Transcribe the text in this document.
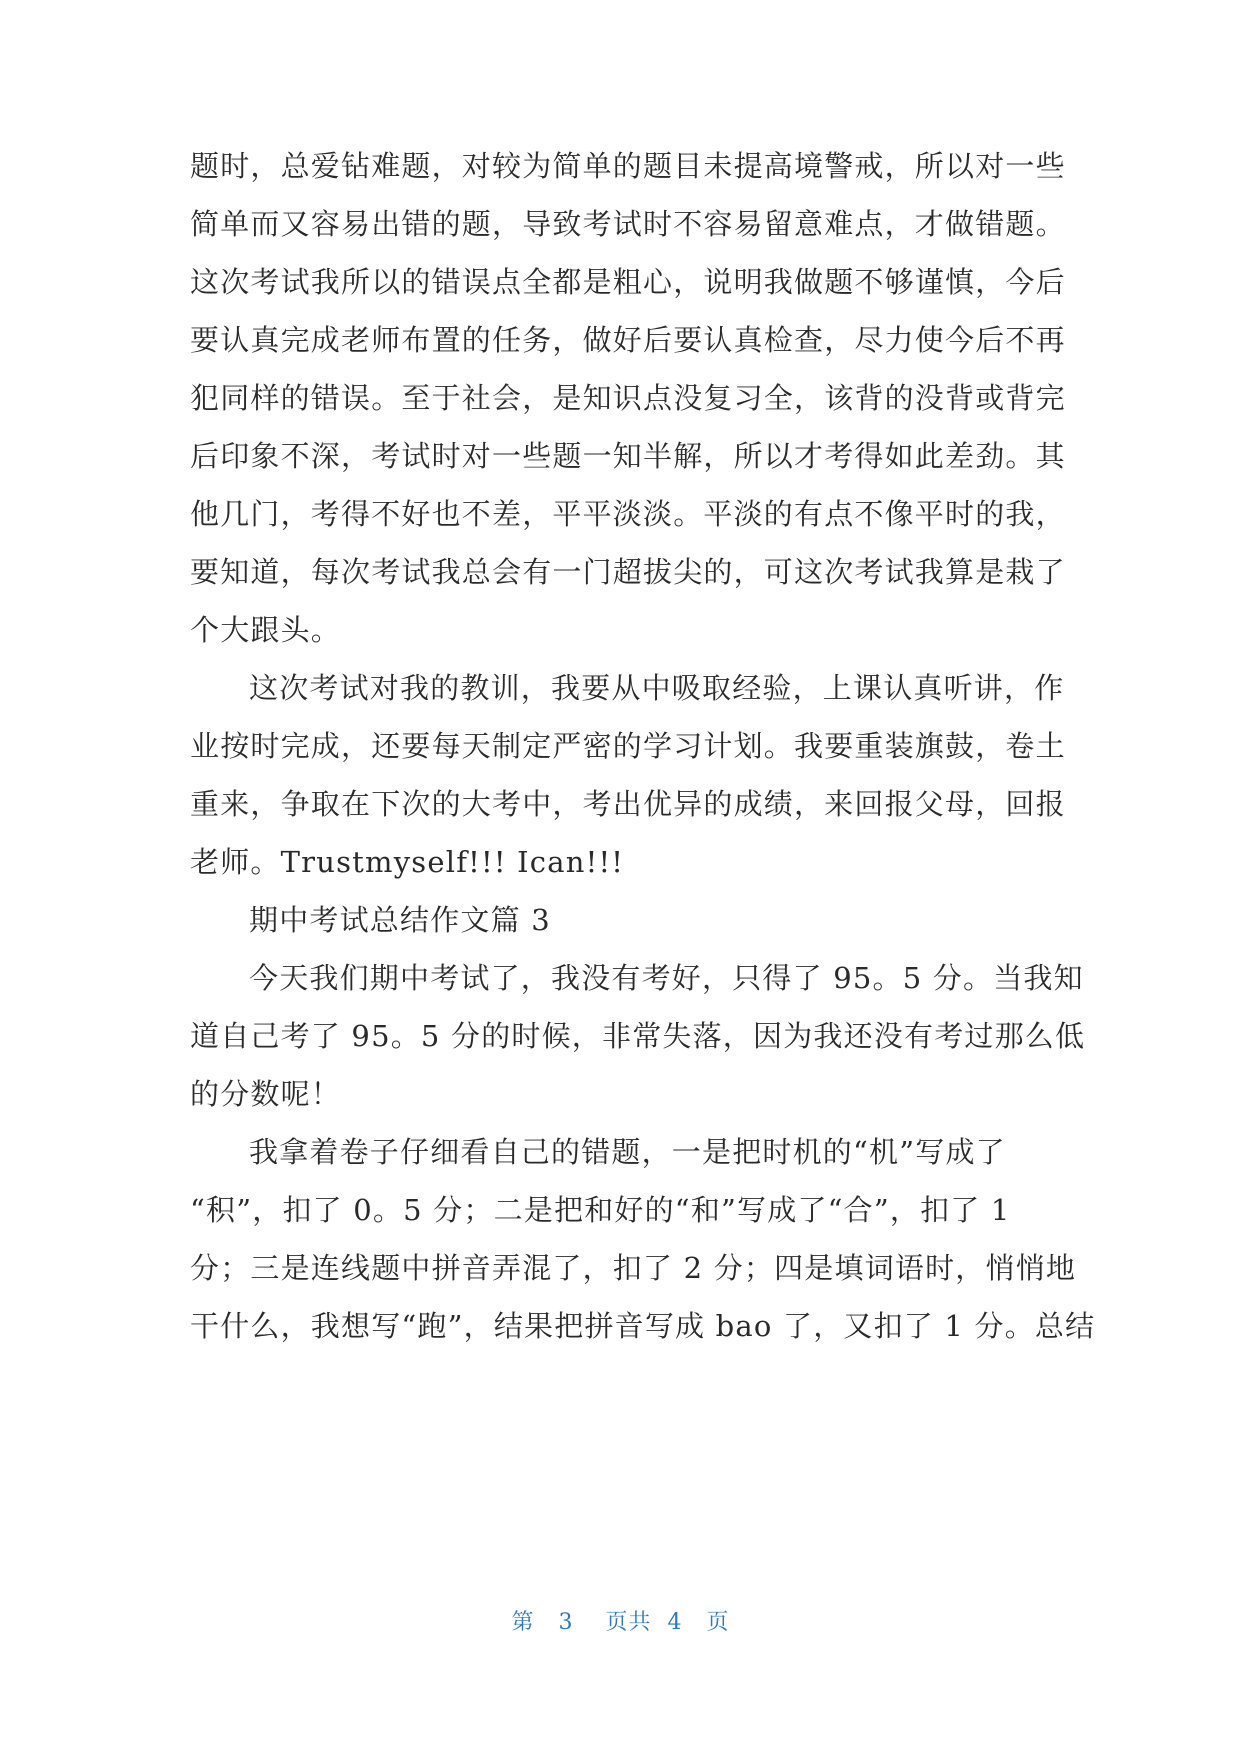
题时，总爱钻难题，对较为简单的题目未提高境警戒，所以对一些
简单而又容易出错的题，导致考试时不容易留意难点，才做错题。
这次考试我所以的错误点全都是粗心，说明我做题不够谨慎，今后
要认真完成老师布置的任务，做好后要认真检查，尽力使今后不再
犯同样的错误。至于社会，是知识点没复习全，该背的没背或背完
后印象不深，考试时对一些题一知半解，所以才考得如此差劲。其
他几门，考得不好也不差，平平淡淡。平淡的有点不像平时的我，
要知道，每次考试我总会有一门超拔尖的，可这次考试我算是栽了
个大跟头。
这次考试对我的教训，我要从中吸取经验，上课认真听讲，作
业按时完成，还要每天制定严密的学习计划。我要重装旗鼓，卷土
重来，争取在下次的大考中，考出优异的成绩，来回报父母，回报
老师。Trustmyself!!! Ican!!!
期中考试总结作文篇 3
今天我们期中考试了，我没有考好，只得了 95。5 分。当我知
道自己考了 95。5 分的时候，非常失落，因为我还没有考过那么低
的分数呢！
我拿着卷子仔细看自己的错题，一是把时机的“机”写成了
“积”，扣了 0。5 分；二是把和好的“和”写成了“合”，扣了 1
分；三是连线题中拼音弄混了，扣了 2 分；四是填词语时，悄悄地
干什么，我想写“跑”，结果把拼音写成 bao 了，又扣了 1 分。总结
第 3 页共 4 页
